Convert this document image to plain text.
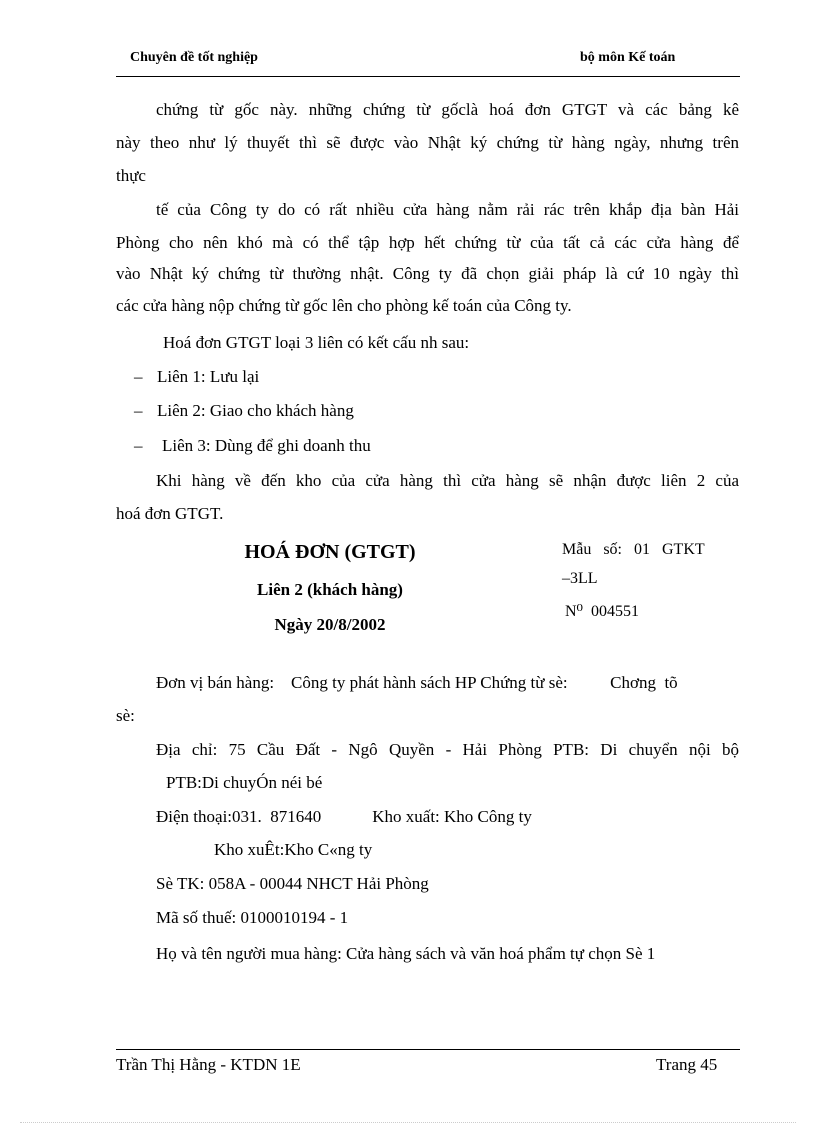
Chuyên đề tốt nghiệp	bộ môn Kế toán
chứng từ gốc này. những chứng từ gốclà hoá đơn GTGT và các bảng kê
này theo như lý thuyết thì sẽ được vào Nhật ký chứng từ hàng ngày, nhưng trên
thực
tế của Công ty do có rất nhiều cửa hàng nằm rải rác trên khắp địa bàn Hải
Phòng cho nên khó mà có thể tập hợp hết chứng từ của tất cả các cửa hàng để
vào Nhật ký chứng từ thường nhật. Công ty đã chọn giải pháp là cứ 10 ngày thì
các cửa hàng nộp chứng từ gốc lên cho phòng kế toán của Công ty.
Hoá đơn GTGT loại 3 liên có kết cấu nh sau:
– Liên 1: Lưu lại
– Liên 2: Giao cho khách hàng
– Liên 3: Dùng để ghi doanh thu
Khi hàng về đến kho của cửa hàng thì cửa hàng sẽ nhận được liên 2 của
hoá đơn GTGT.
HOÁ ĐƠN (GTGT)
Liên 2 (khách hàng)
Ngày 20/8/2002
Mẫu   số:   01   GTKT
–3LL
N⁰  004551
Đơn vị bán hàng:    Công ty phát hành sách HP Chứng từ sè:          Chơng  tõ
sè:
Địa chỉ: 75 Cầu Đất - Ngô Quyền - Hải Phòng PTB: Di chuyển nội bộ
PTB:Di chuyÓn néi bé
Điện thoại:031.  871640            Kho xuất: Kho Công ty
Kho xuÊt:Kho C«ng ty
Sè TK: 058A - 00044 NHCT Hải Phòng
Mã số thuế: 0100010194 - 1
Họ và tên người mua hàng: Cửa hàng sách và văn hoá phẩm tự chọn Sè 1
Trần Thị Hằng - KTDN 1E	Trang 45
